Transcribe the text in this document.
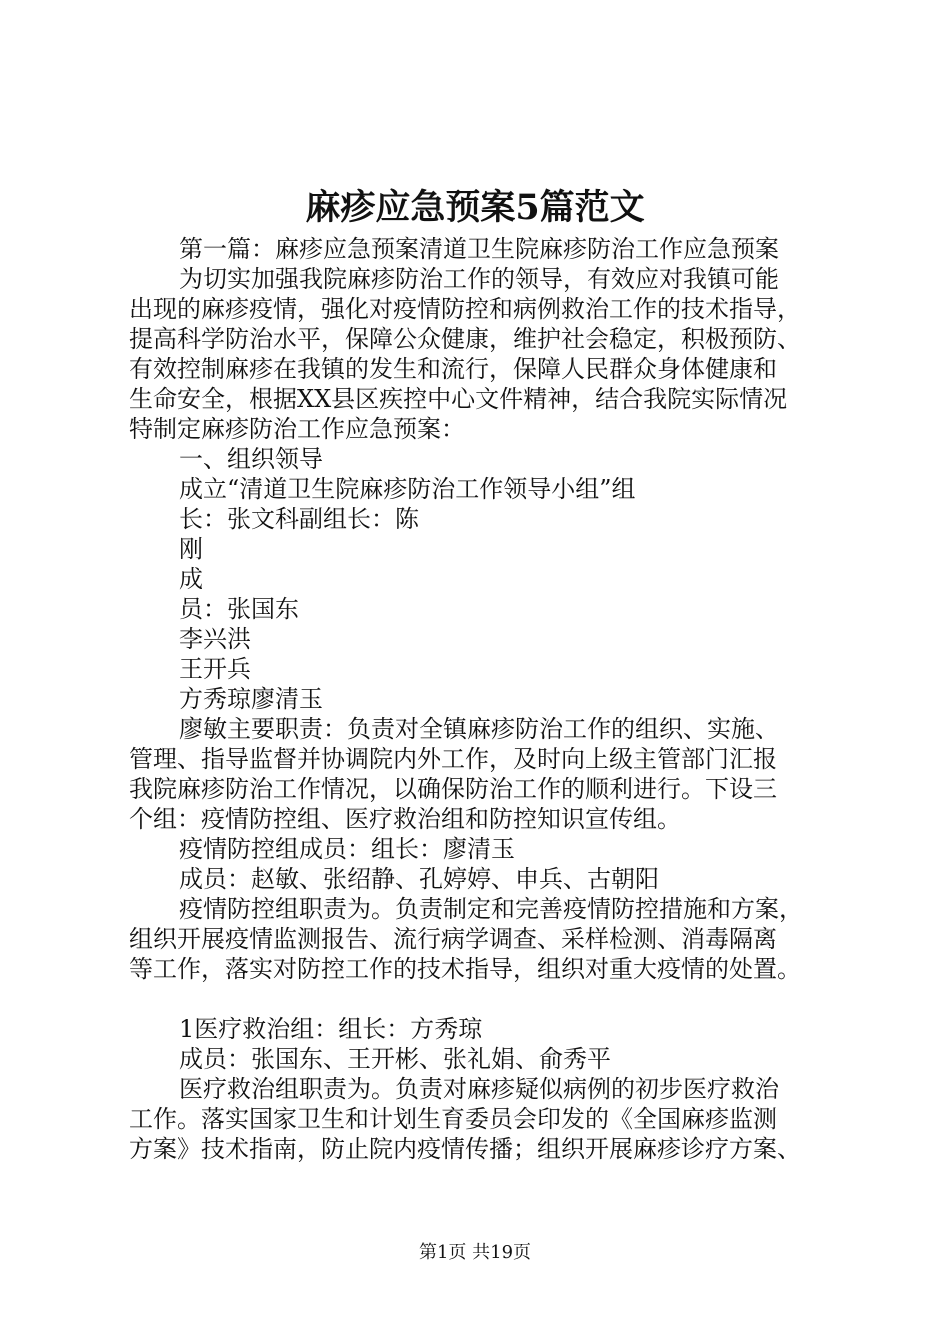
麻疹应急预案5篇范文
第一篇：麻疹应急预案清道卫生院麻疹防治工作应急预案
为切实加强我院麻疹防治工作的领导，有效应对我镇可能
出现的麻疹疫情，强化对疫情防控和病例救治工作的技术指导，
提高科学防治水平，保障公众健康，维护社会稳定，积极预防、
有效控制麻疹在我镇的发生和流行，保障人民群众身体健康和
生命安全，根据XX县区疾控中心文件精神，结合我院实际情况
特制定麻疹防治工作应急预案：
一、组织领导
成立“清道卫生院麻疹防治工作领导小组”组
长：张文科副组长：陈
刚
成
员：张国东
李兴洪
王开兵
方秀琼廖清玉
廖敏主要职责：负责对全镇麻疹防治工作的组织、实施、
管理、指导监督并协调院内外工作，及时向上级主管部门汇报
我院麻疹防治工作情况，以确保防治工作的顺利进行。下设三
个组：疫情防控组、医疗救治组和防控知识宣传组。
疫情防控组成员：组长：廖清玉
成员：赵敏、张绍静、孔婷婷、申兵、古朝阳
疫情防控组职责为。负责制定和完善疫情防控措施和方案，
组织开展疫情监测报告、流行病学调查、采样检测、消毒隔离
等工作，落实对防控工作的技术指导，组织对重大疫情的处置。
1医疗救治组：组长：方秀琼
成员：张国东、王开彬、张礼娟、俞秀平
医疗救治组职责为。负责对麻疹疑似病例的初步医疗救治
工作。落实国家卫生和计划生育委员会印发的《全国麻疹监测
方案》技术指南，防止院内疫情传播；组织开展麻疹诊疗方案、
第1页 共19页
